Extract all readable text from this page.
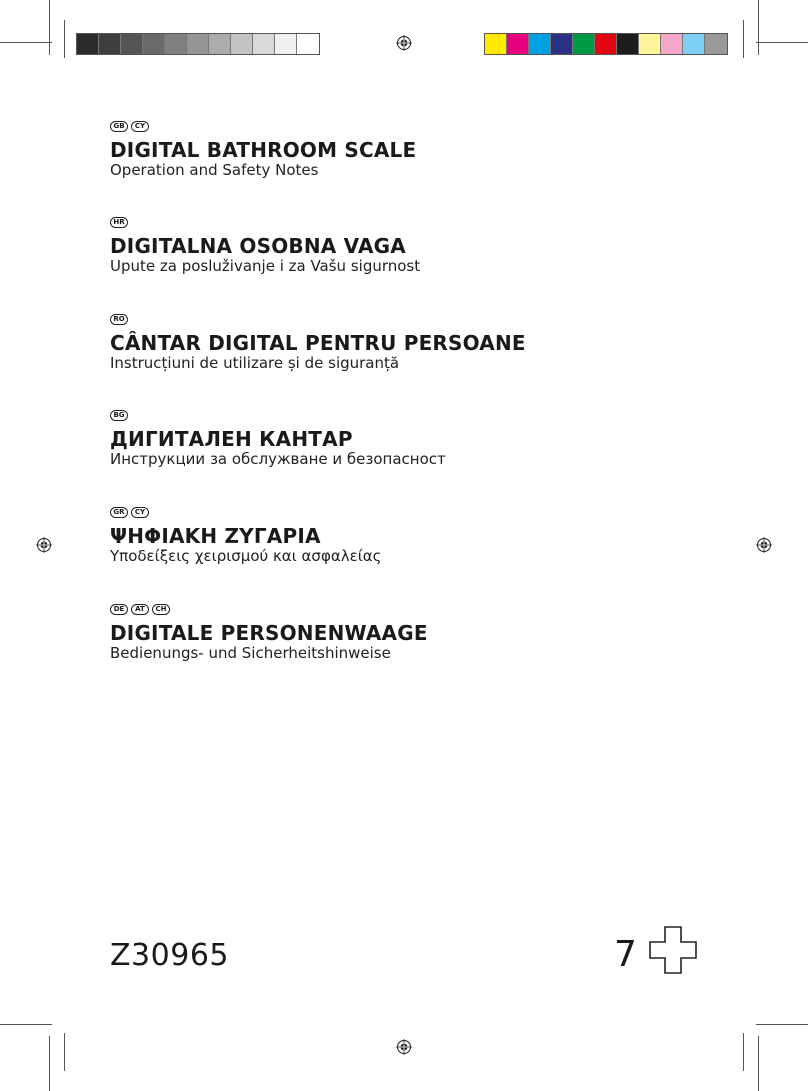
GB	CY
DIGITAL BATHROOM SCALE
Operation and Safety Notes
HR
DIGITALNA OSOBNA VAGA
Upute za posluživanje i za Vašu sigurnost
RO
CÂNTAR DIGITAL PENTRU PERSOANE
Instrucțiuni de utilizare și de siguranță
BG
ДИГИТАЛЕН КАНТАР
Инструкции за обслужване и безопасност
GR	CY
ΨΗΦΙΑΚΗ ΖΥΓΑΡΙΑ
Υποδείξεις χειρισμού και ασφαλείας
DE	AT	CH
DIGITALE PERSONENWAAGE
Bedienungs- und Sicherheitshinweise
Z30965	7
